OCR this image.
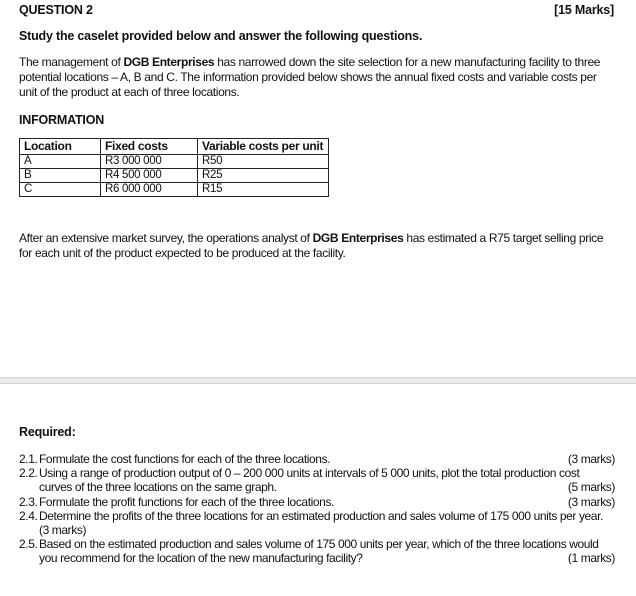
QUESTION 2	[15 Marks]
Study the caselet provided below and answer the following questions.
The management of DGB Enterprises has narrowed down the site selection for a new manufacturing facility to three potential locations – A, B and C. The information provided below shows the annual fixed costs and variable costs per unit of the product at each of three locations.
INFORMATION
Location	Fixed costs	Variable costs per unit
A	R3 000 000	R50
B	R4 500 000	R25
C	R6 000 000	R15
After an extensive market survey, the operations analyst of DGB Enterprises has estimated a R75 target selling price for each unit of the product expected to be produced at the facility.
Required:
2.1.	(3 marks)
Formulate the cost functions for each of the three locations.
2.2. Using a range of production output of 0 – 200 000 units at intervals of 5 000 units, plot the total production cost curves of the three locations on the same graph.	(5 marks)
2.3.	(3 marks)
Formulate the profit functions for each of the three locations.
2.4. Determine the profits of the three locations for an estimated production and sales volume of 175 000 units per year. (3 marks)
2.5. Based on the estimated production and sales volume of 175 000 units per year, which of the three locations would you recommend for the location of the new manufacturing facility?	(1 marks)
